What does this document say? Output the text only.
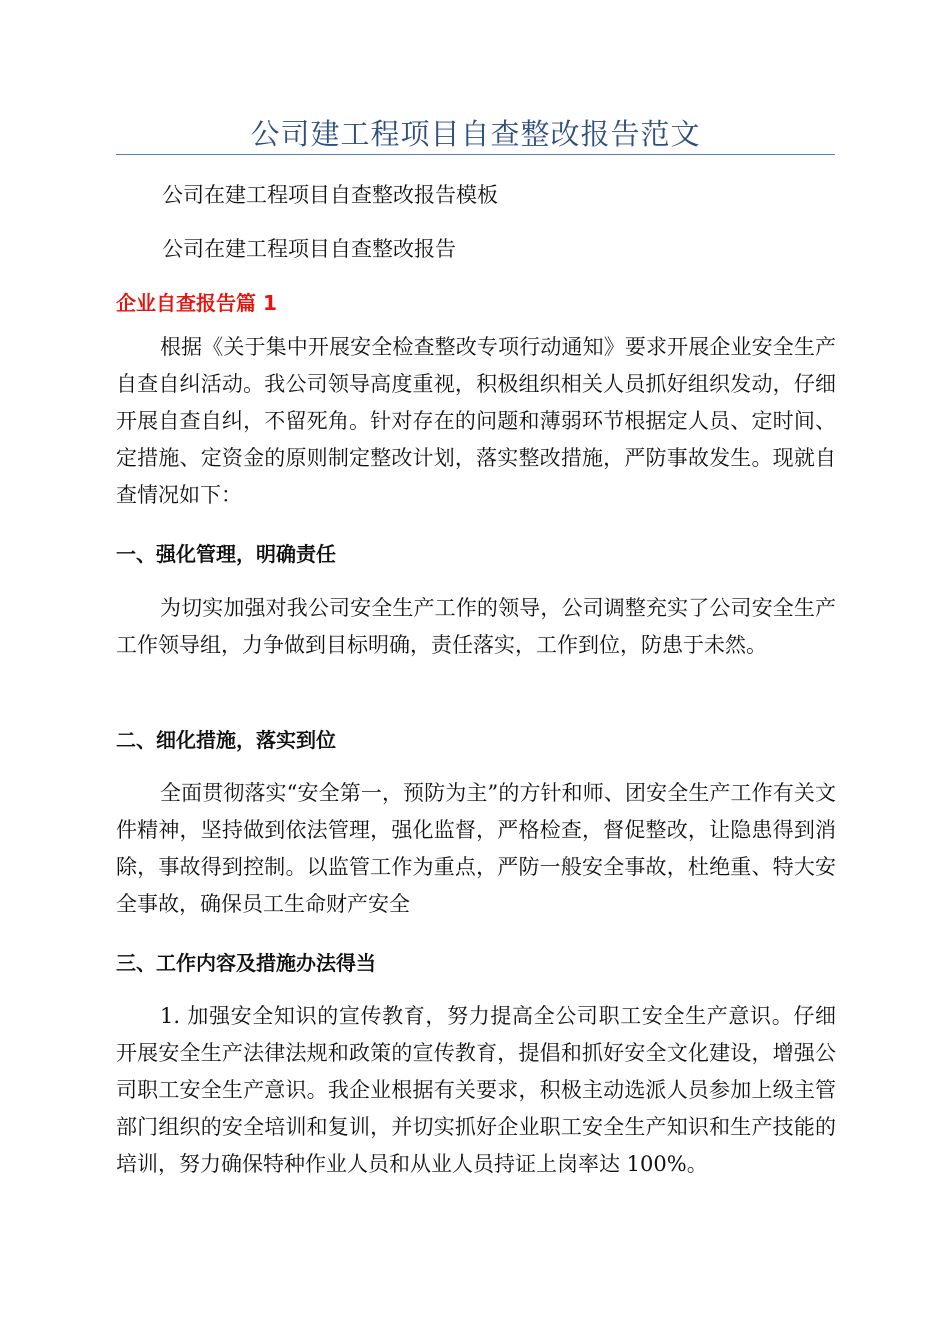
公司建工程项目自查整改报告范文
公司在建工程项目自查整改报告模板
公司在建工程项目自查整改报告
企业自查报告篇 1

根据《关于集中开展安全检查整改专项行动通知》要求开展企业安全生产自查自纠活动。我公司领导高度重视，积极组织相关人员抓好组织发动，仔细开展自查自纠，不留死角。针对存在的问题和薄弱环节根据定人员、定时间、定措施、定资金的原则制定整改计划，落实整改措施，严防事故发生。现就自查情况如下：

一、强化管理，明确责任

为切实加强对我公司安全生产工作的领导，公司调整充实了公司安全生产工作领导组，力争做到目标明确，责任落实，工作到位，防患于未然。

二、细化措施，落实到位

全面贯彻落实“安全第一，预防为主”的方针和师、团安全生产工作有关文件精神，坚持做到依法管理，强化监督，严格检查，督促整改，让隐患得到消除，事故得到控制。以监管工作为重点，严防一般安全事故，杜绝重、特大安全事故，确保员工生命财产安全

三、工作内容及措施办法得当

1. 加强安全知识的宣传教育，努力提高全公司职工安全生产意识。仔细开展安全生产法律法规和政策的宣传教育，提倡和抓好安全文化建设，增强公司职工安全生产意识。我企业根据有关要求，积极主动选派人员参加上级主管部门组织的安全培训和复训，并切实抓好企业职工安全生产知识和生产技能的培训，努力确保特种作业人员和从业人员持证上岗率达 100%。
